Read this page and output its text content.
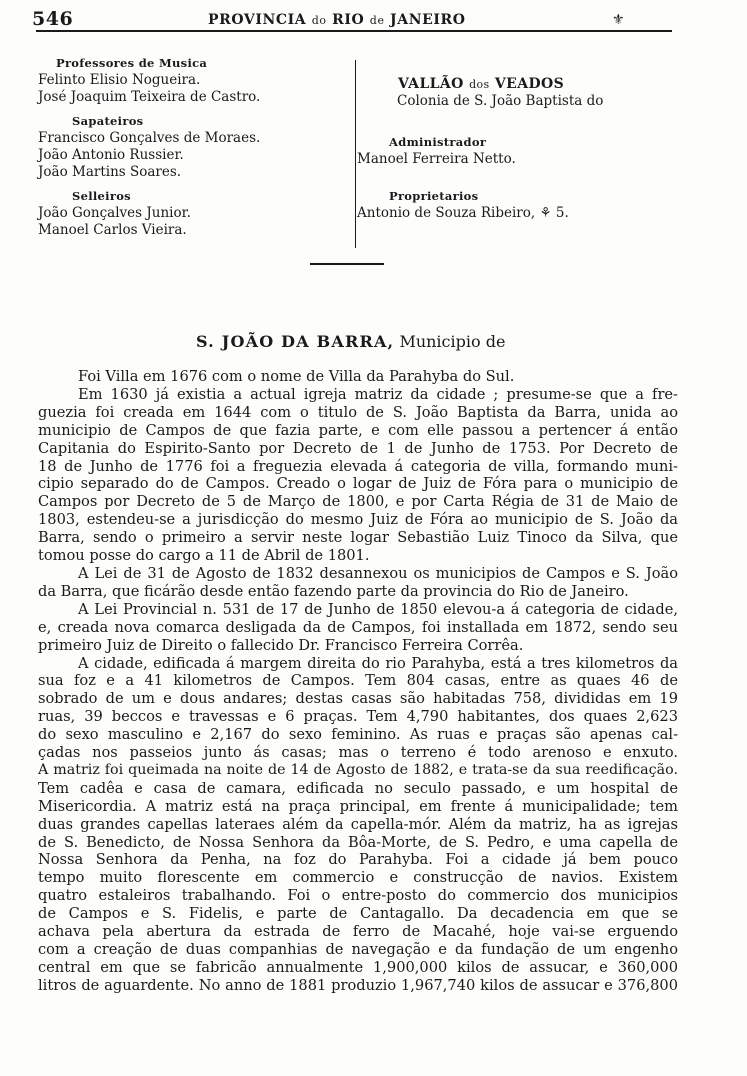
546	PROVINCIA do RIO de JANEIRO	⚜
Professores de Musica
Felinto Elisio Nogueira.
José Joaquim Teixeira de Castro.
Sapateiros
Francisco Gonçalves de Moraes.
João Antonio Russier.
João Martins Soares.
Selleiros
João Gonçalves Junior.
Manoel Carlos Vieira.
VALLÃO dos VEADOS
Colonia de S. João Baptista do
Administrador
Manoel Ferreira Netto.
Proprietarios
Antonio de Souza Ribeiro, ⚘ 5.
S. JOÃO DA BARRA, Municipio de
Foi Villa em 1676 com o nome de Villa da Parahyba do Sul.
Em 1630 já existia a actual igreja matriz da cidade ; presume-se que a fre-
guezia foi creada em 1644 com o titulo de S. João Baptista da Barra, unida ao
municipio de Campos de que fazia parte, e com elle passou a pertencer á então
Capitania do Espirito-Santo por Decreto de 1 de Junho de 1753. Por Decreto de
18 de Junho de 1776 foi a freguezia elevada á categoria de villa, formando muni-
cipio separado do de Campos. Creado o logar de Juiz de Fóra para o municipio de
Campos por Decreto de 5 de Março de 1800, e por Carta Régia de 31 de Maio de
1803, estendeu-se a jurisdicção do mesmo Juiz de Fóra ao municipio de S. João da
Barra, sendo o primeiro a servir neste logar Sebastião Luiz Tinoco da Silva, que
tomou posse do cargo a 11 de Abril de 1801.
A Lei de 31 de Agosto de 1832 desannexou os municipios de Campos e S. João
da Barra, que ficárão desde então fazendo parte da provincia do Rio de Janeiro.
A Lei Provincial n. 531 de 17 de Junho de 1850 elevou-a á categoria de cidade,
e, creada nova comarca desligada da de Campos, foi installada em 1872, sendo seu
primeiro Juiz de Direito o fallecido Dr. Francisco Ferreira Corrêa.
A cidade, edificada á margem direita do rio Parahyba, está a tres kilometros da
sua foz e a 41 kilometros de Campos. Tem 804 casas, entre as quaes 46 de
sobrado de um e dous andares; destas casas são habitadas 758, divididas em 19
ruas, 39 beccos e travessas e 6 praças. Tem 4,790 habitantes, dos quaes 2,623
do sexo masculino e 2,167 do sexo feminino. As ruas e praças são apenas cal-
çadas nos passeios junto ás casas; mas o terreno é todo arenoso e enxuto.
A matriz foi queimada na noite de 14 de Agosto de 1882, e trata-se da sua reedificação.
Tem cadêa e casa de camara, edificada no seculo passado, e um hospital de
Misericordia. A matriz está na praça principal, em frente á municipalidade; tem
duas grandes capellas lateraes além da capella-mór. Além da matriz, ha as igrejas
de S. Benedicto, de Nossa Senhora da Bôa-Morte, de S. Pedro, e uma capella de
Nossa Senhora da Penha, na foz do Parahyba. Foi a cidade já bem pouco
tempo muito florescente em commercio e construcção de navios. Existem
quatro estaleiros trabalhando. Foi o entre-posto do commercio dos municipios
de Campos e S. Fidelis, e parte de Cantagallo. Da decadencia em que se
achava pela abertura da estrada de ferro de Macahé, hoje vai-se erguendo
com a creação de duas companhias de navegação e da fundação de um engenho
central em que se fabricão annualmente 1,900,000 kilos de assucar, e 360,000
litros de aguardente. No anno de 1881 produzio 1,967,740 kilos de assucar e 376,800
